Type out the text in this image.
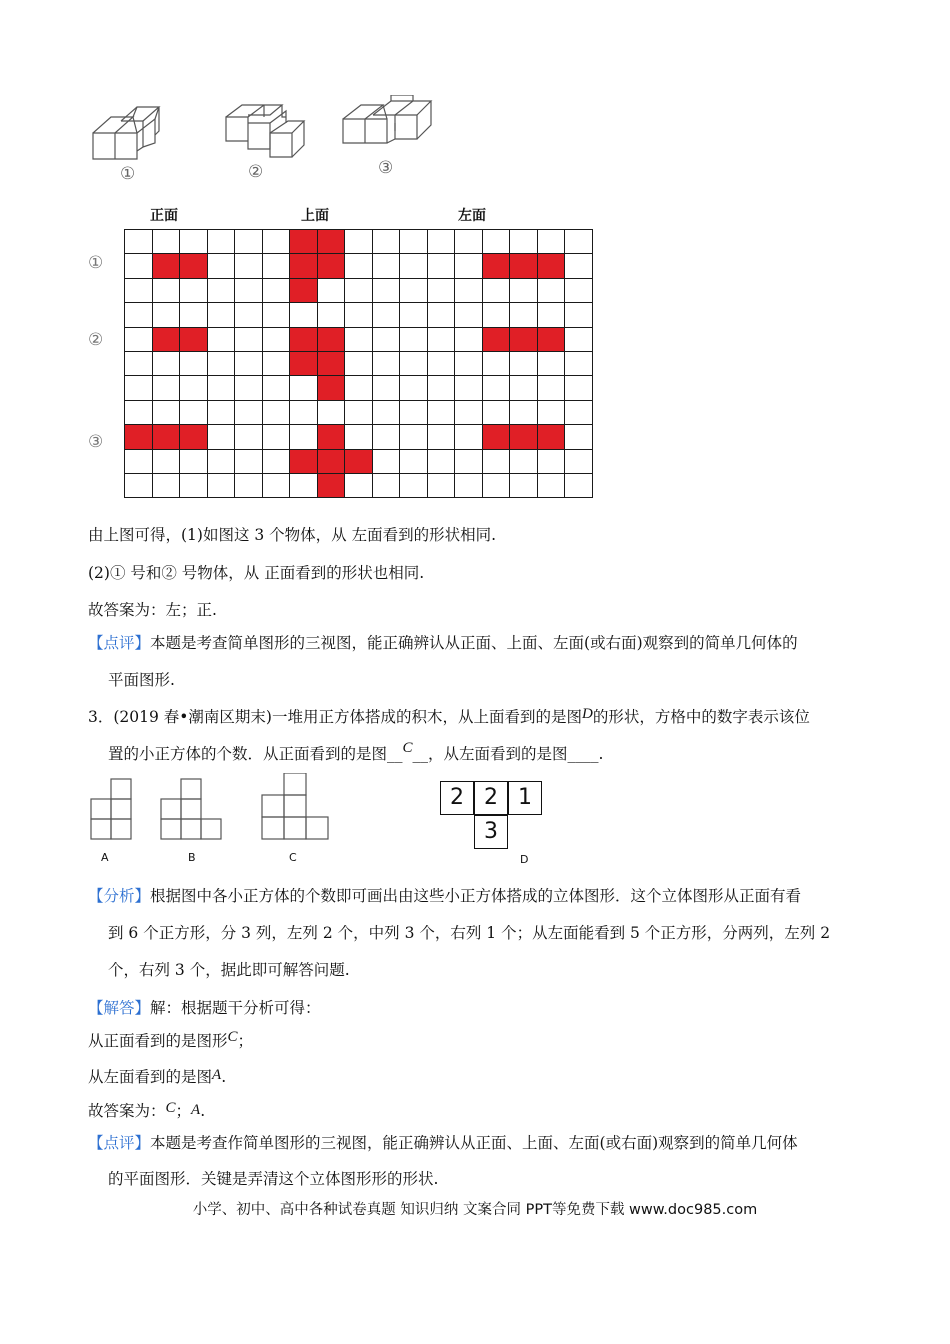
①	②	③
正面	上面	左面
①
②
③

由上图可得，(1)如图这 3 个物体，从 左面看到的形状相同.
(2)① 号和② 号物体，从 正面看到的形状也相同.
故答案为：左；正.
【点评】本题是考查简单图形的三视图，能正确辨认从正面、上面、左面(或右面)观察到的简单几何体的
平面图形.
3．(2019 春•潮南区期末)一堆用正方体搭成的积木，从上面看到的是图D的形状，方格中的数字表示该位
置的小正方体的个数．从正面看到的是图__C__，从左面看到的是图____.
A	B	C
2 2 1
3
D
【分析】根据图中各小正方体的个数即可画出由这些小正方体搭成的立体图形．这个立体图形从正面有看
到 6 个正方形，分 3 列，左列 2 个，中列 3 个，右列 1 个；从左面能看到 5 个正方形，分两列，左列 2
个，右列 3 个，据此即可解答问题.
【解答】解：根据题干分析可得：
从正面看到的是图形C；
从左面看到的是图A.
故答案为：C；A.
【点评】本题是考查作简单图形的三视图，能正确辨认从正面、上面、左面(或右面)观察到的简单几何体
的平面图形．关键是弄清这个立体图形形的形状.
小学、初中、高中各种试卷真题 知识归纳 文案合同 PPT等免费下载 www.doc985.com
